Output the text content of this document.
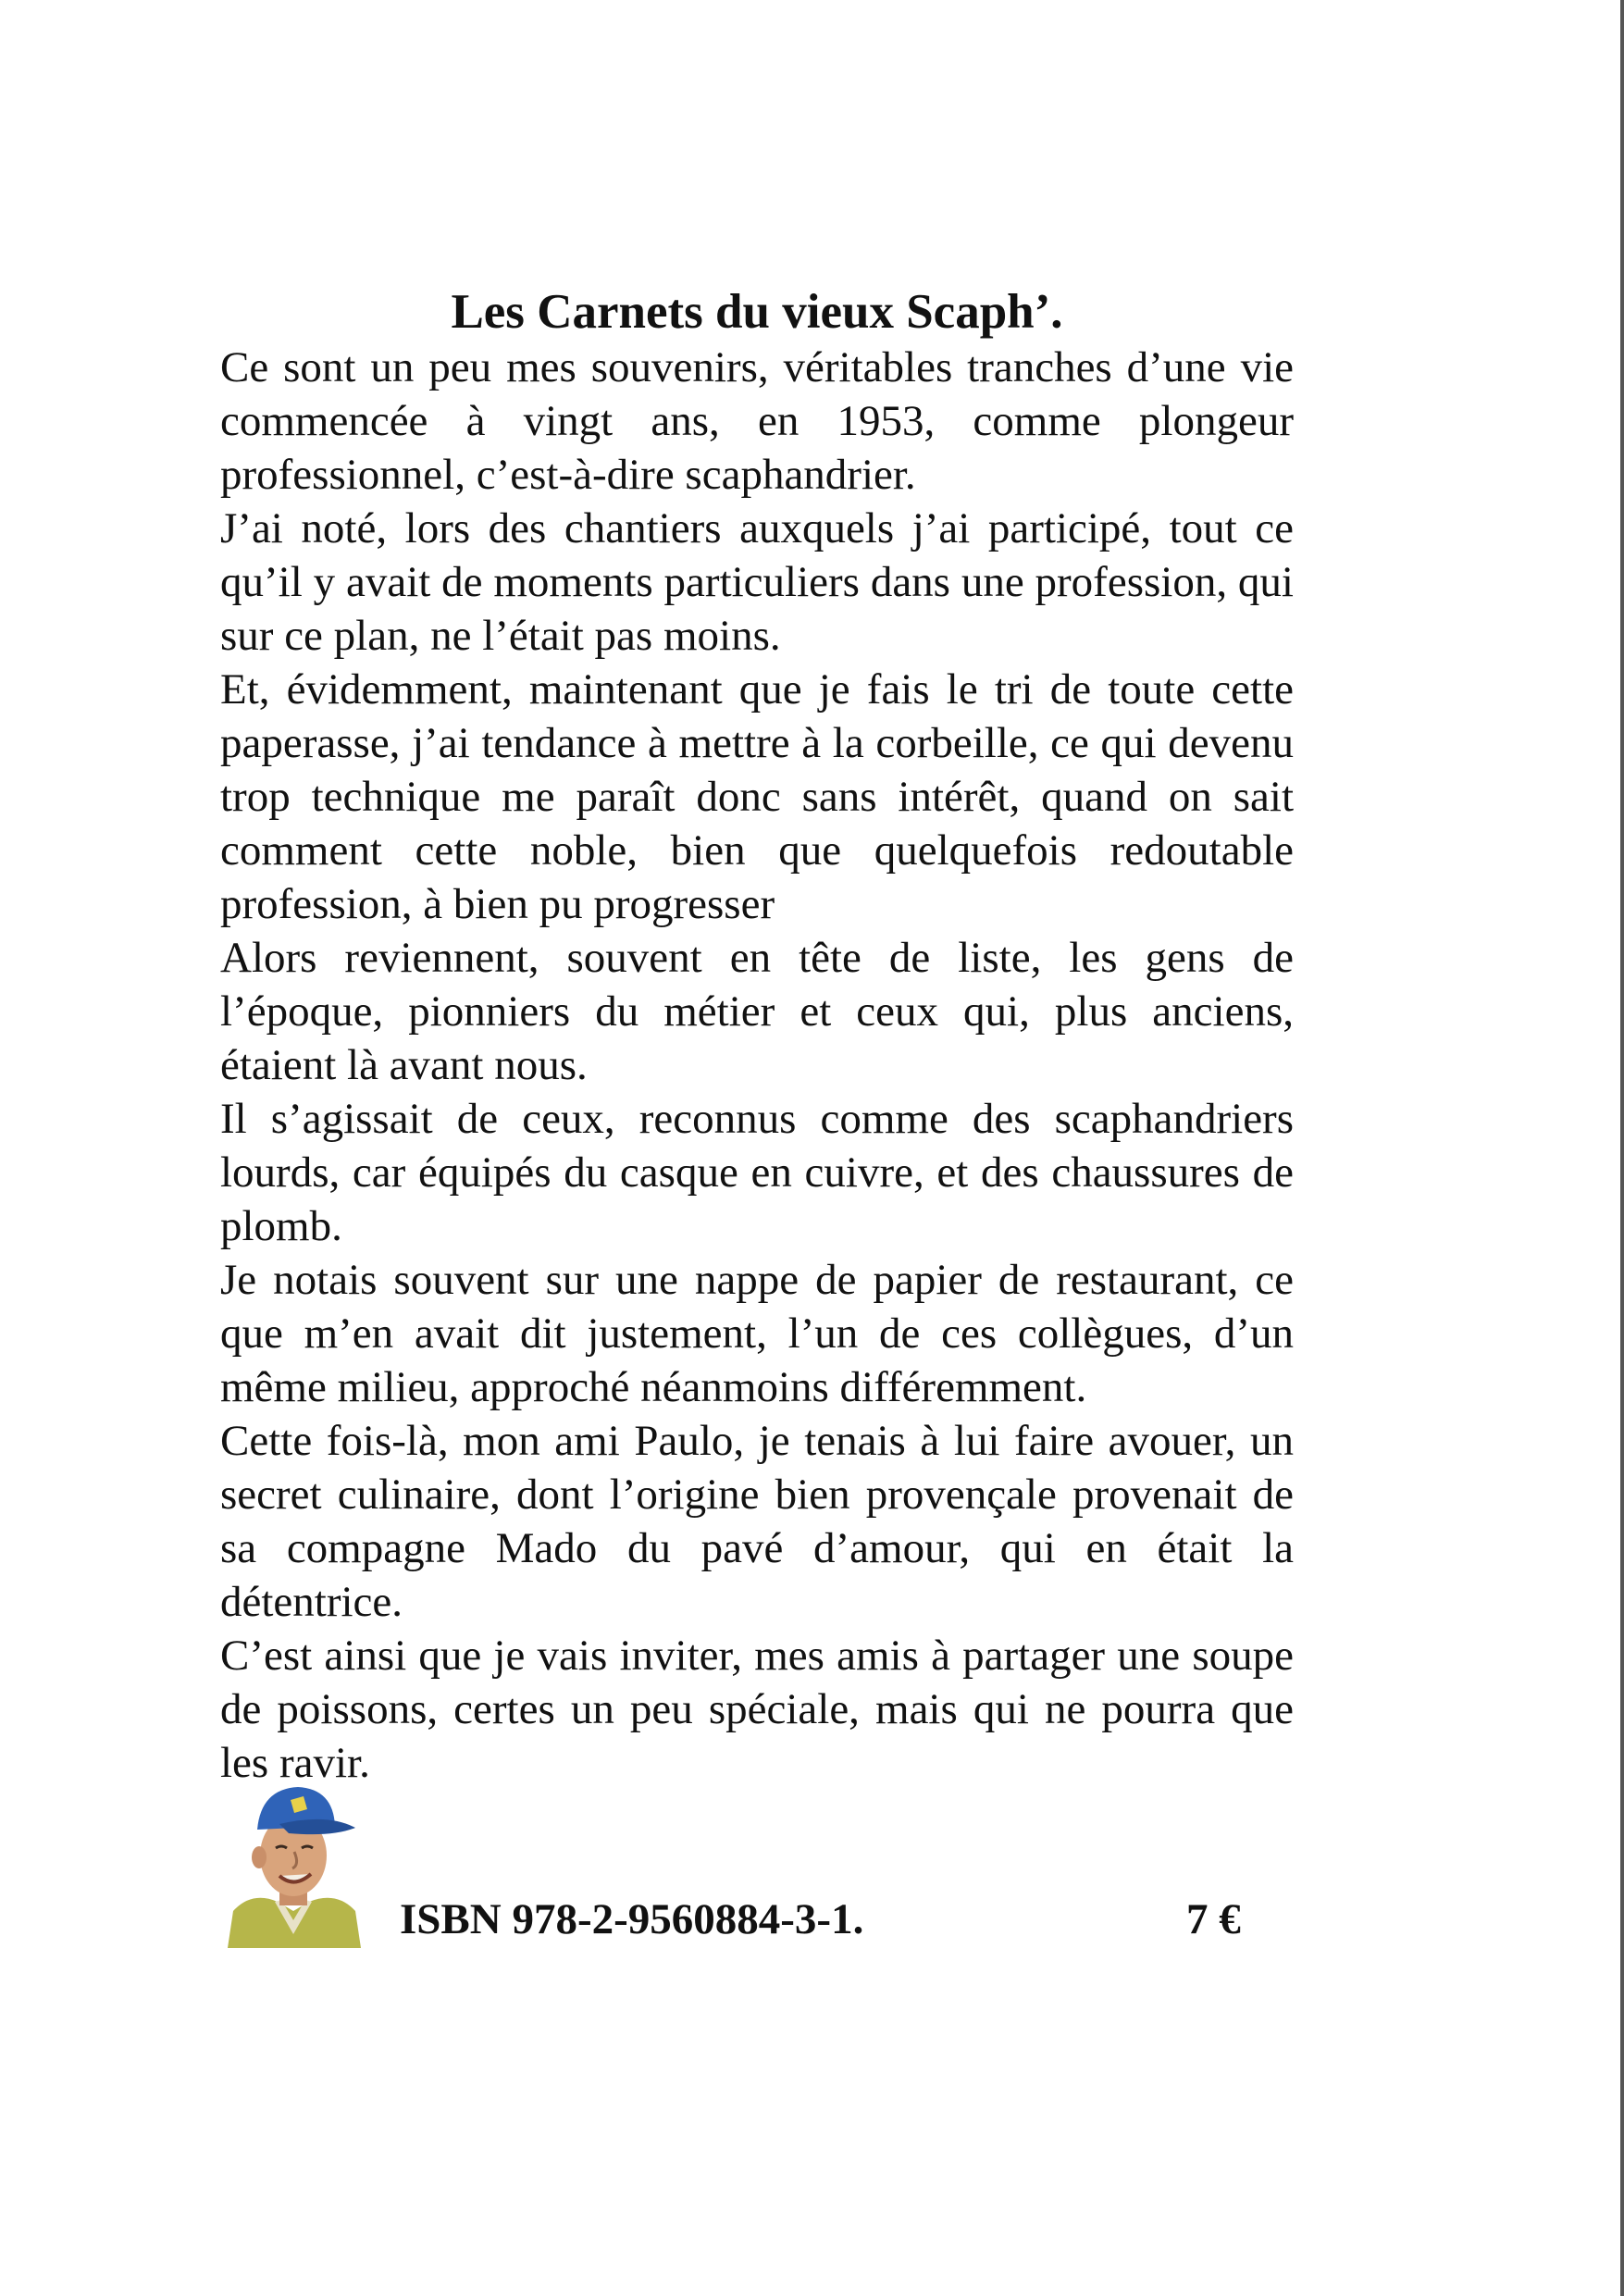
Les Carnets du vieux Scaph’.

Ce sont un peu mes souvenirs, véritables tranches d’une vie commencée à vingt ans, en 1953, comme plongeur professionnel, c’est-à-dire scaphandrier.

J’ai noté, lors des chantiers auxquels j’ai participé, tout ce qu’il y avait de moments particuliers dans une profession, qui sur ce plan, ne l’était pas moins.

Et, évidemment, maintenant que je fais le tri de toute cette paperasse, j’ai tendance à mettre à la corbeille, ce qui devenu trop technique me paraît donc sans intérêt, quand on sait comment cette noble, bien que quelquefois redoutable profession, à bien pu progresser

Alors reviennent, souvent en tête de liste, les gens de l’époque, pionniers du métier et ceux qui, plus anciens, étaient là avant nous.

Il s’agissait de ceux, reconnus comme des scaphandriers lourds, car équipés du casque en cuivre, et des chaussures de plomb.

Je notais souvent sur une nappe de papier de restaurant, ce que m’en avait dit justement, l’un de ces collègues, d’un même milieu, approché néanmoins différemment.

Cette fois-là, mon ami Paulo, je tenais à lui faire avouer, un secret culinaire, dont l’origine bien provençale provenait de sa compagne Mado du pavé d’amour, qui en était la détentrice.

C’est ainsi que je vais inviter, mes amis à partager une soupe de poissons, certes un peu spéciale, mais qui ne pourra que les ravir.

ISBN 978-2-9560884-3-1.	7 €
